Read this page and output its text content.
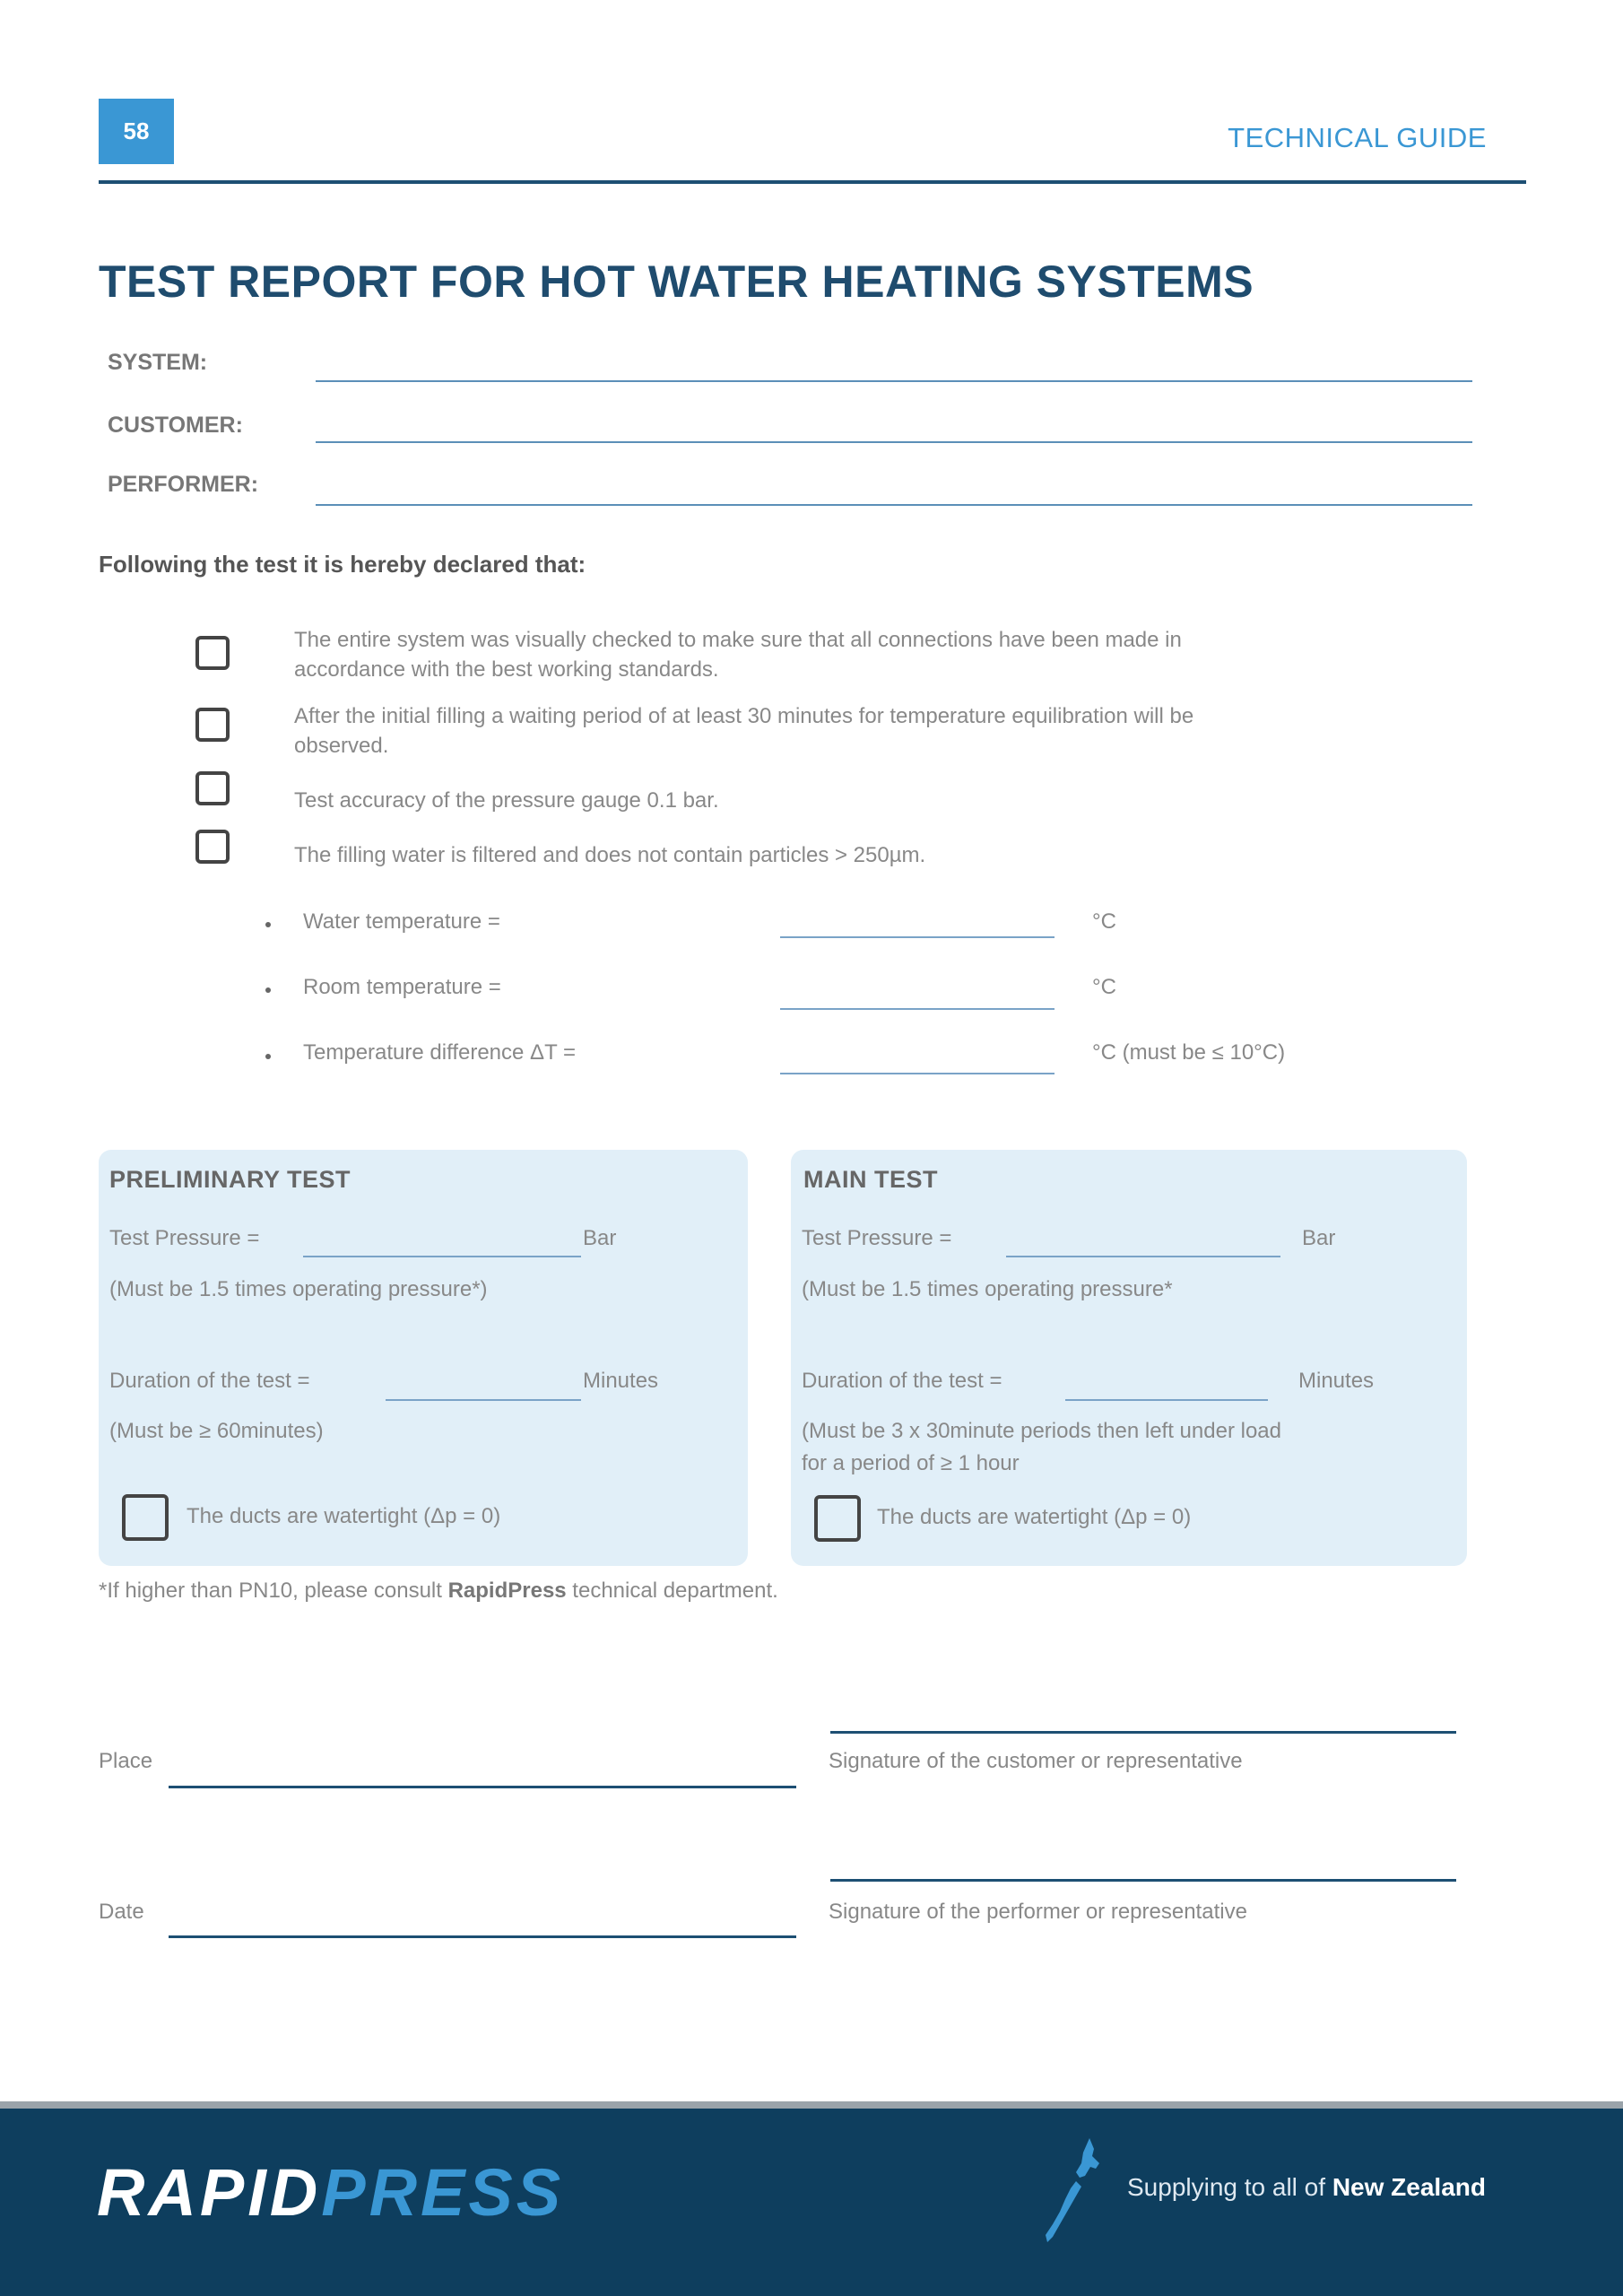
58	TECHNICAL GUIDE
TEST REPORT FOR HOT WATER HEATING SYSTEMS
SYSTEM:
CUSTOMER:
PERFORMER:
Following the test it is hereby declared that:
The entire system was visually checked to make sure that all connections have been made in
accordance with the best working standards.
After the initial filling a waiting period of at least 30 minutes for temperature equilibration will be
observed.
Test accuracy of the pressure gauge 0.1 bar.
The filling water is filtered and does not contain particles > 250µm.
Water temperature =	°C
Room temperature =	°C
Temperature difference ΔT =	°C (must be ≤ 10°C)
PRELIMINARY TEST
Test Pressure =	Bar
(Must be 1.5 times operating pressure*)
Duration of the test =	Minutes
(Must be ≥ 60minutes)
The ducts are watertight (Δp = 0)
MAIN TEST
Test Pressure =	Bar
(Must be 1.5 times operating pressure*
Duration of the test =	Minutes
(Must be 3 x 30minute periods then left under load
for a period of ≥ 1 hour
The ducts are watertight (Δp = 0)
*If higher than PN10, please consult RapidPress technical department.
Place	Signature of the customer or representative
Date	Signature of the performer or representative
RAPIDPRESS	Supplying to all of New Zealand
